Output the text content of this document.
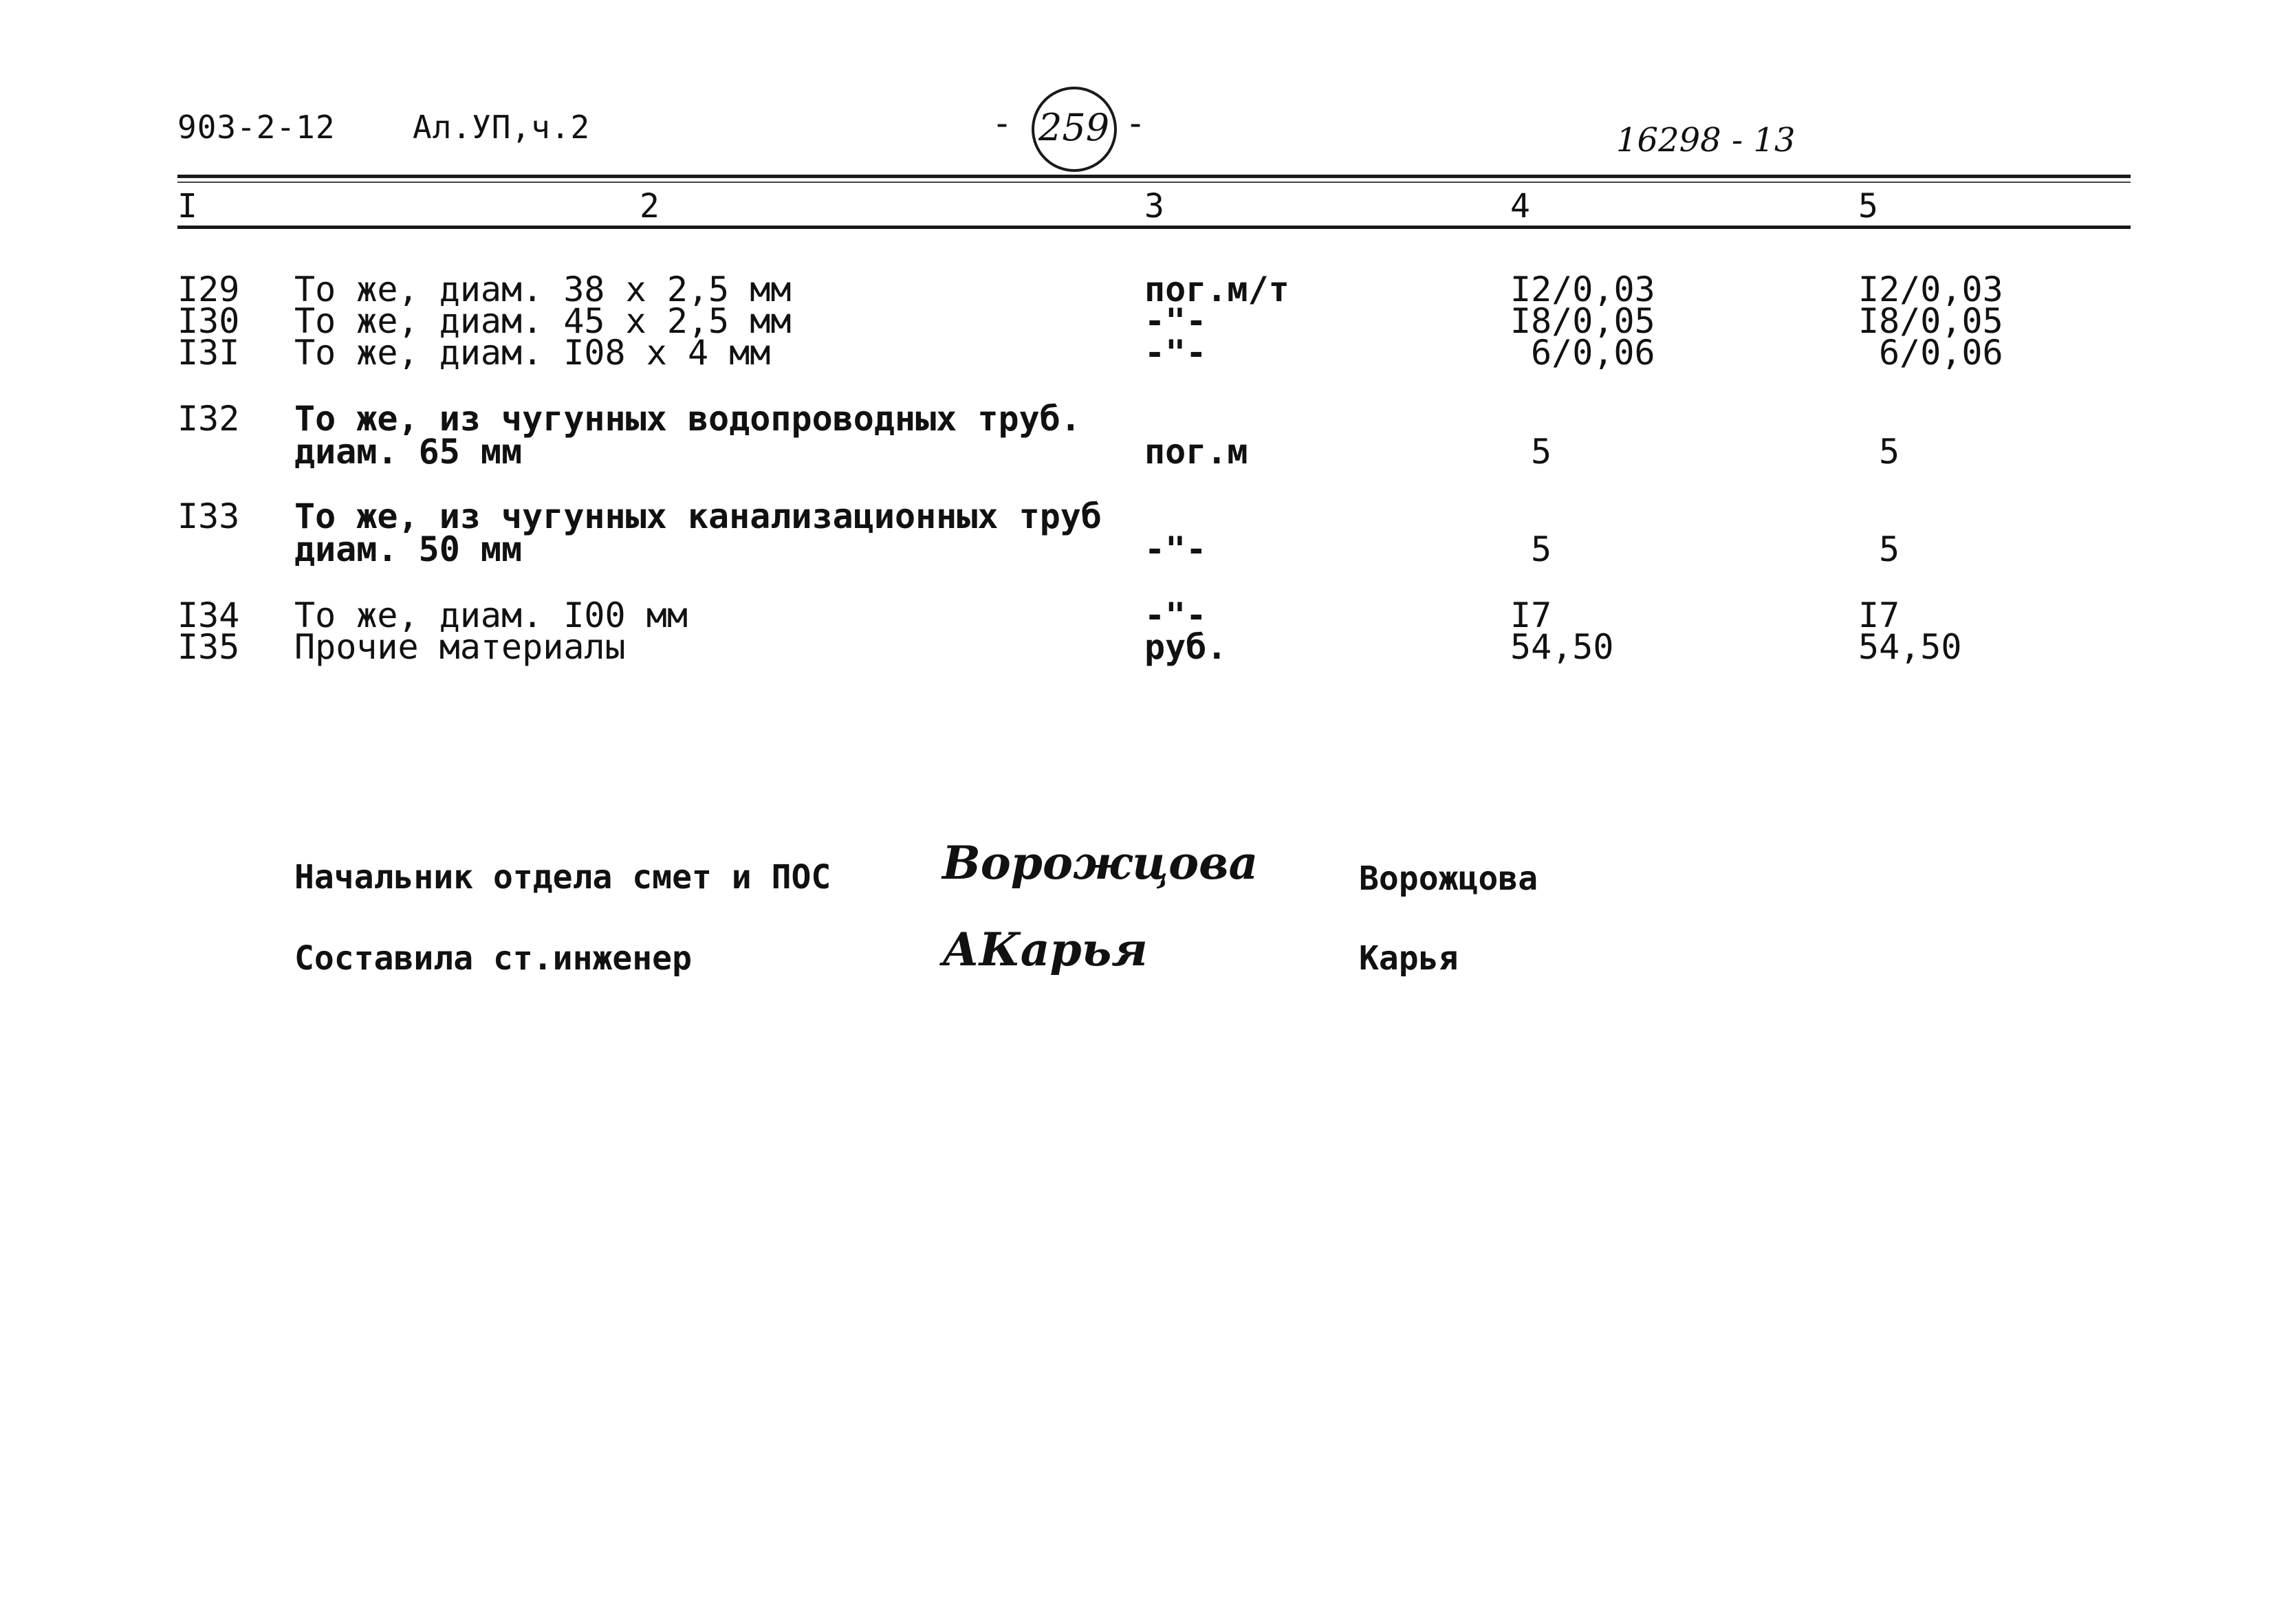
903-2-12 Ал.УП,ч.2	- 259 -	16298 - 13
I	2	3	4	5
I29 То же, диам. 38 х 2,5 мм	пог.м/т	I2/0,03	I2/0,03
I30 То же, диам. 45 х 2,5 мм	-"-	I8/0,05	I8/0,05
I3I То же, диам. I08 х 4 мм	-"-	6/0,06	6/0,06
I32 То же, из чугунных водопроводных труб.
диам. 65 мм	пог.м	5	5
I33 То же, из чугунных канализационных труб
диам. 50 мм	-"-	5	5
I34 То же, диам. I00 мм	-"-	I7	I7
I35 Прочие материалы	руб.	54,50	54,50
Начальник отдела смет и ПОС Ворожцова	Ворожцова
Составила ст.инженер	АКарья	Карья
